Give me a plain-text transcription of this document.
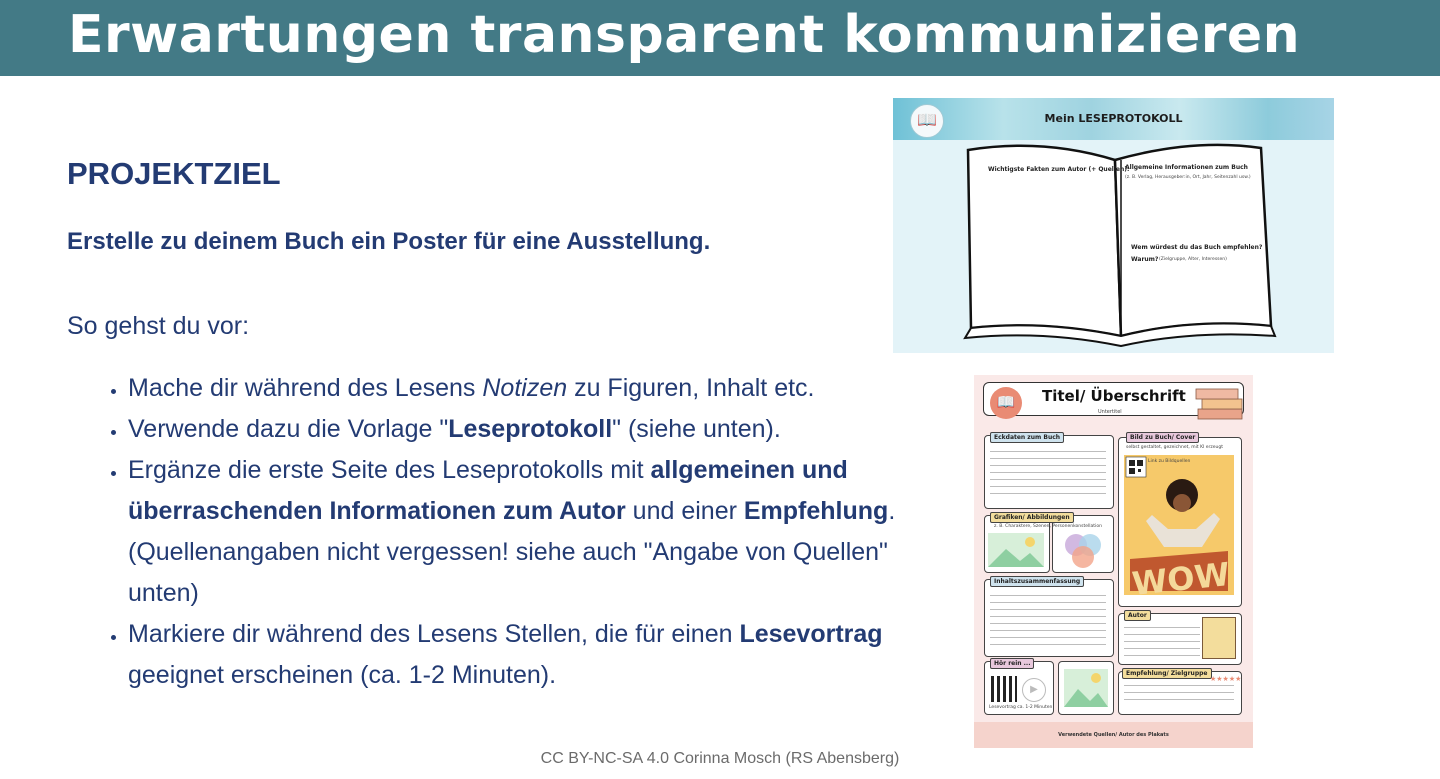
Erwartungen transparent kommunizieren
PROJEKTZIEL

Erstelle zu deinem Buch ein Poster für eine Ausstellung.

So gehst du vor:

• Mache dir während des Lesens Notizen zu Figuren, Inhalt etc.
• Verwende dazu die Vorlage "Leseprotokoll" (siehe unten).
• Ergänze die erste Seite des Leseprotokolls mit allgemeinen und überraschenden Informationen zum Autor und einer Empfehlung. (Quellenangaben nicht vergessen! siehe auch "Angabe von Quellen" unten)
• Markiere dir während des Lesens Stellen, die für einen Lesevortrag geeignet erscheinen (ca. 1-2 Minuten).
📖	Mein LESEPROTOKOLL
Wichtigste Fakten zum Autor (+ Quellen):
Allgemeine Informationen zum Buch
(z. B. Verlag, Herausgeber:in, Ort, Jahr, Seitenzahl usw.)
Wem würdest du das Buch empfehlen?
Warum? (Zielgruppe, Alter, Interessen)
📖	Titel/ Überschrift
Untertitel
Eckdaten zum Buch	Bild zu Buch/ Cover
selbst gestaltet, gezeichnet, mit KI erzeugt
Link zu Bildquellen
WOW
Grafiken/ Abbildungen
z. B. Charaktere, Szenen, Personenkonstellation
Inhaltszusammenfassung
Autor
Hör rein ...
▶
Lesevortrag ca. 1-2 Minuten
Empfehlung/ Zielgruppe
★★★★★
Verwendete Quellen/ Autor des Plakats
CC BY-NC-SA 4.0 Corinna Mosch (RS Abensberg)
